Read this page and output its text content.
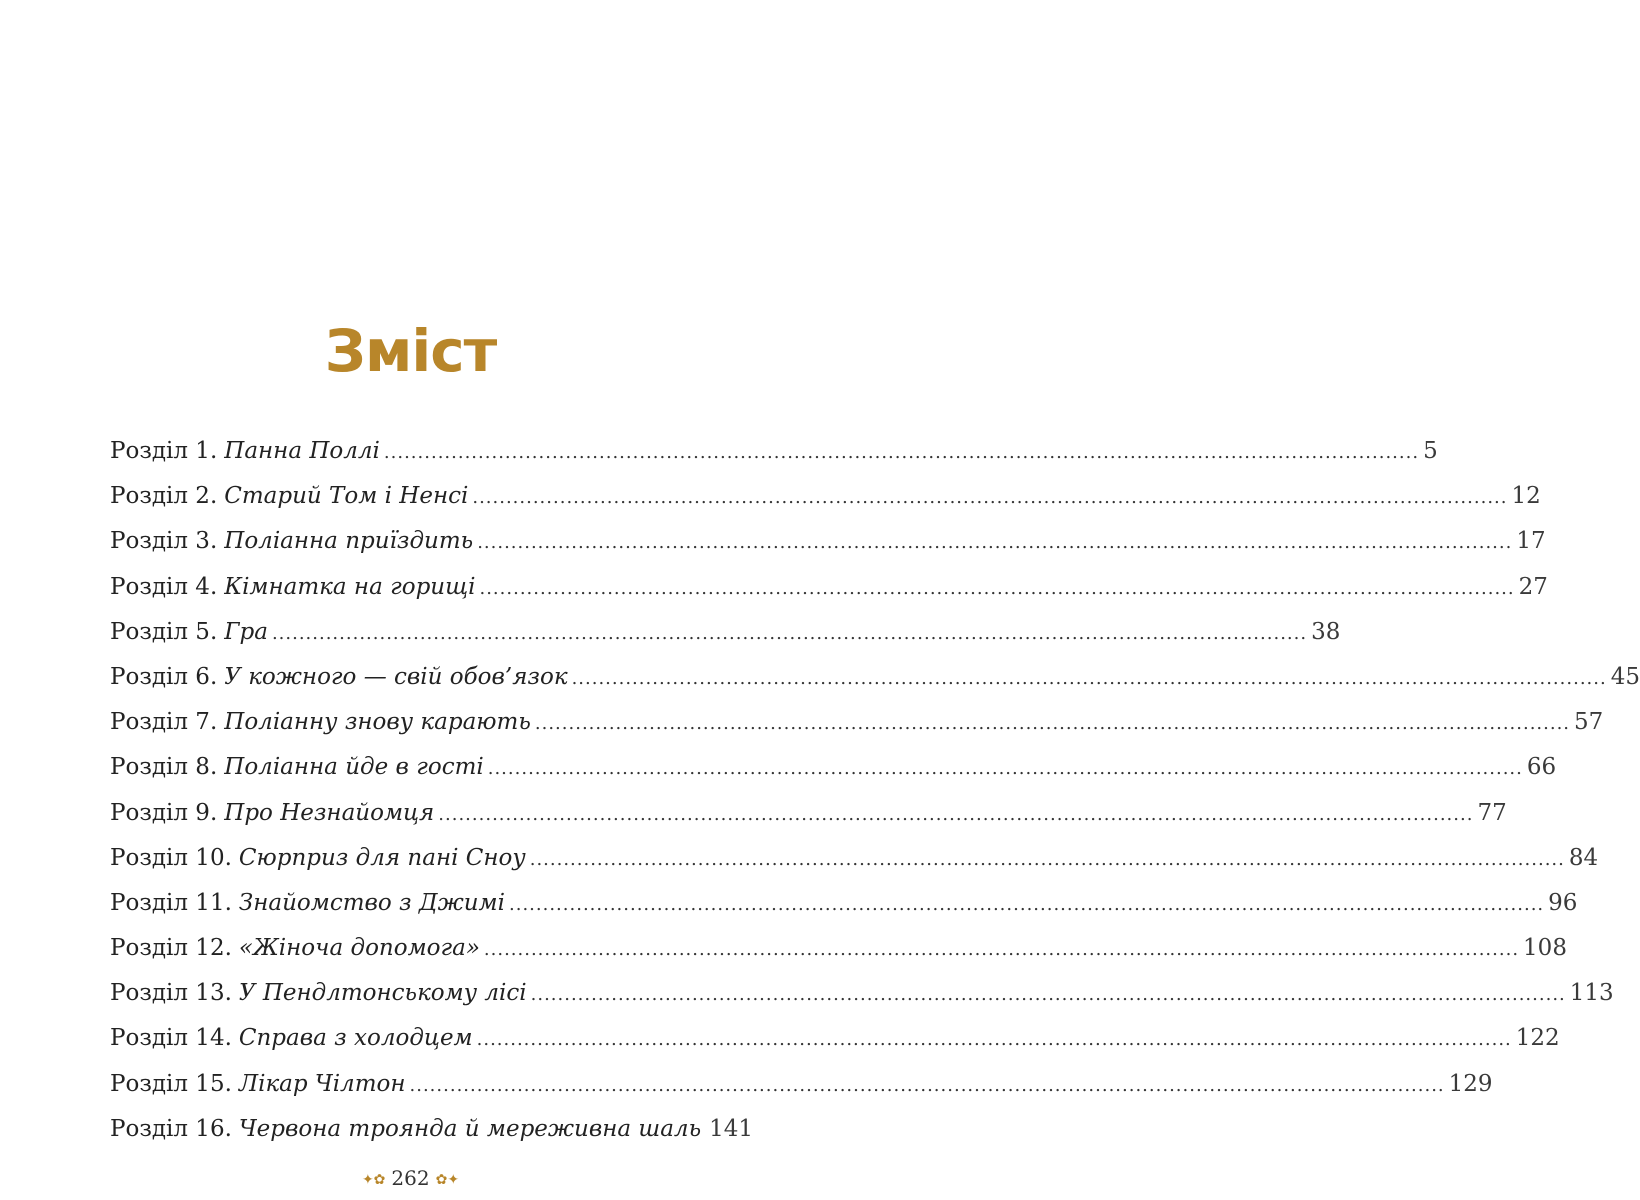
Зміст
Розділ 1. Панна Поллі .....	5
Розділ 2. Старий Том і Ненсі .....	12
Розділ 3. Поліанна приїздить .....	17
Розділ 4. Кімнатка на горищі .....	27
Розділ 5. Гра .....	38
Розділ 6. У кожного — свій обов’язок .....	45
Розділ 7. Поліанну знову карають .....	57
Розділ 8. Поліанна йде в гості .....	66
Розділ 9. Про Незнайомця .....	77
Розділ 10. Сюрприз для пані Сноу .....	84
Розділ 11. Знайомство з Джимі .....	96
Розділ 12. «Жіноча допомога» .....	108
Розділ 13. У Пендлтонському лісі .....	113
Розділ 14. Справа з холодцем .....	122
Розділ 15. Лікар Чілтон .....	129
Розділ 16. Червона троянда й мереживна шаль 141
✦✿ 262 ✿✦
